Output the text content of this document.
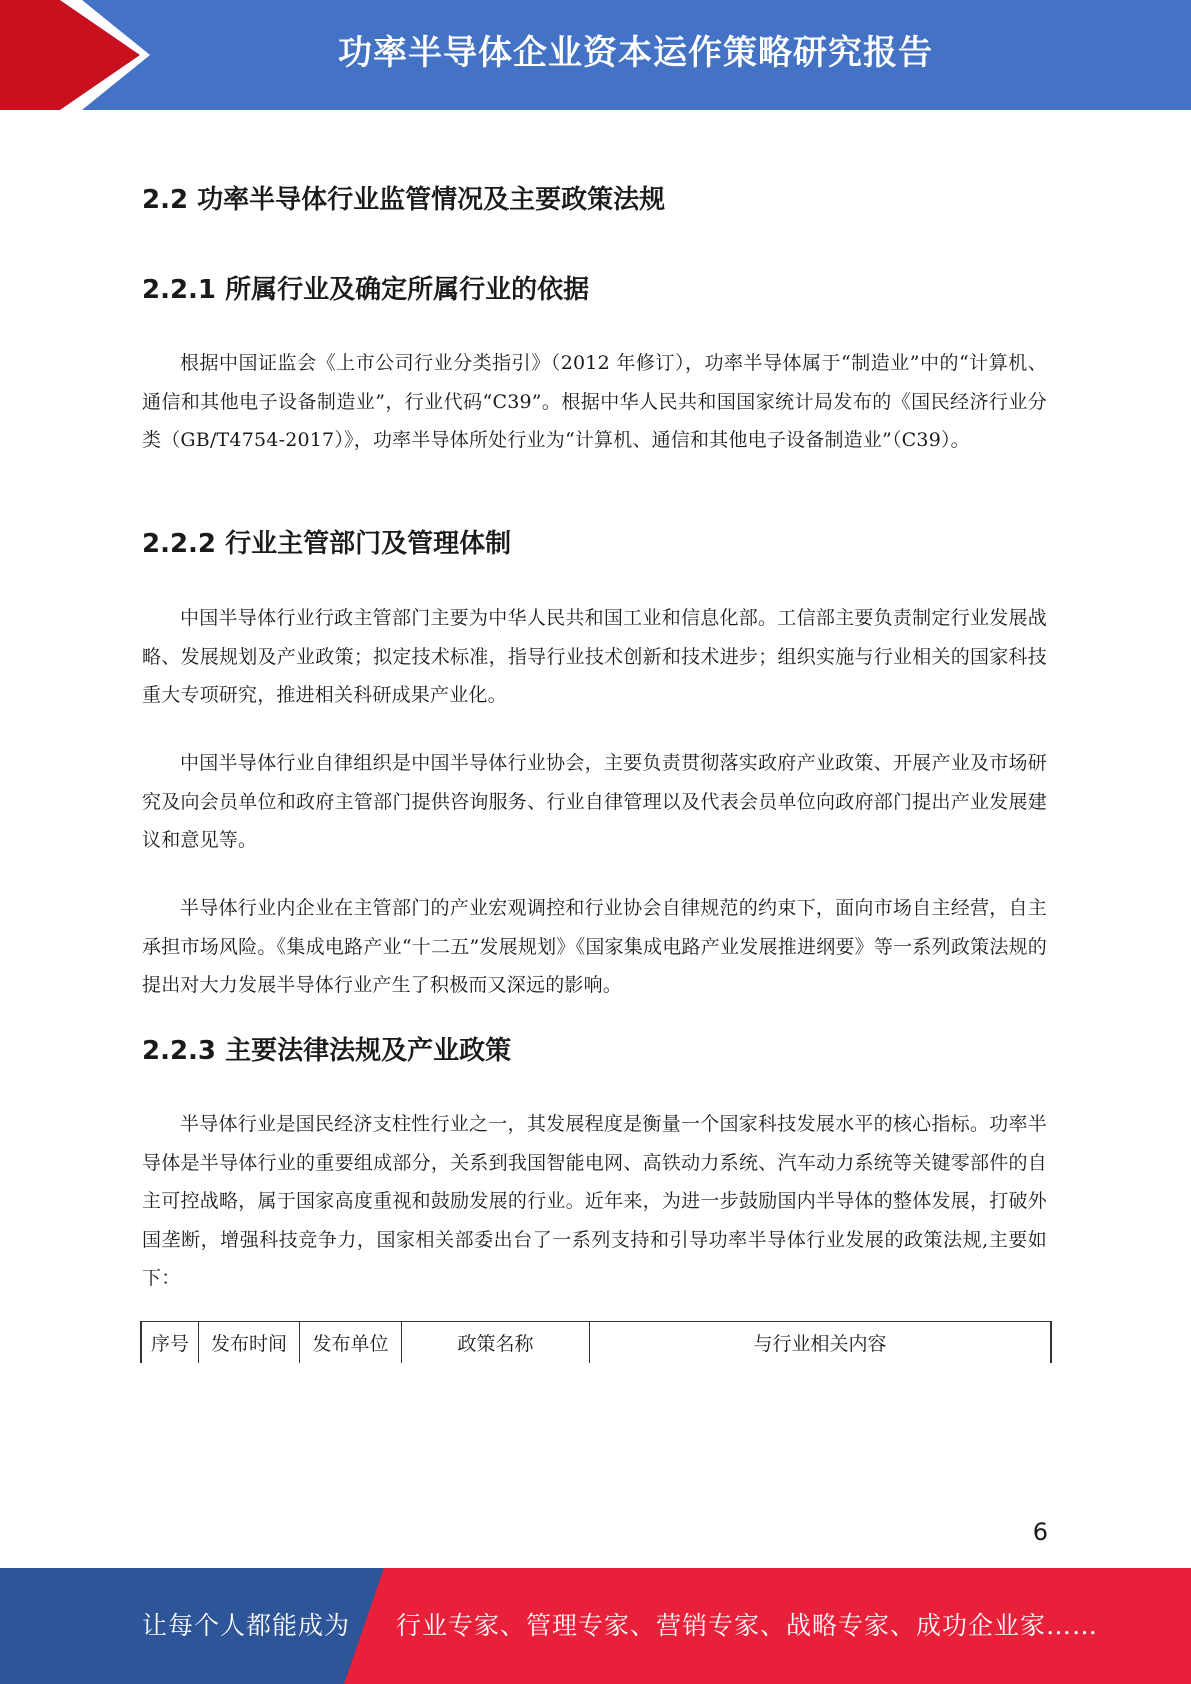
功率半导体企业资本运作策略研究报告
2.2 功率半导体行业监管情况及主要政策法规
2.2.1 所属行业及确定所属行业的依据
根据中国证监会《上市公司行业分类指引》（2012 年修订），功率半导体属于“制造业”中的“计算机、通信和其他电子设备制造业”，行业代码“C39”。根据中华人民共和国国家统计局发布的《国民经济行业分类（GB/T4754-2017）》，功率半导体所处行业为“计算机、通信和其他电子设备制造业”（C39）。
2.2.2 行业主管部门及管理体制
中国半导体行业行政主管部门主要为中华人民共和国工业和信息化部。工信部主要负责制定行业发展战略、发展规划及产业政策；拟定技术标准，指导行业技术创新和技术进步；组织实施与行业相关的国家科技重大专项研究，推进相关科研成果产业化。
中国半导体行业自律组织是中国半导体行业协会，主要负责贯彻落实政府产业政策、开展产业及市场研究及向会员单位和政府主管部门提供咨询服务、行业自律管理以及代表会员单位向政府部门提出产业发展建议和意见等。
半导体行业内企业在主管部门的产业宏观调控和行业协会自律规范的约束下，面向市场自主经营，自主承担市场风险。《集成电路产业“十二五”发展规划》《国家集成电路产业发展推进纲要》等一系列政策法规的提出对大力发展半导体行业产生了积极而又深远的影响。
2.2.3 主要法律法规及产业政策
半导体行业是国民经济支柱性行业之一，其发展程度是衡量一个国家科技发展水平的核心指标。功率半导体是半导体行业的重要组成部分，关系到我国智能电网、高铁动力系统、汽车动力系统等关键零部件的自主可控战略，属于国家高度重视和鼓励发展的行业。近年来，为进一步鼓励国内半导体的整体发展，打破外国垄断，增强科技竞争力，国家相关部委出台了一系列支持和引导功率半导体行业发展的政策法规,主要如下：
序号	发布时间	发布单位	政策名称	与行业相关内容
6
让每个人都能成为 行业专家、管理专家、营销专家、战略专家、成功企业家……
